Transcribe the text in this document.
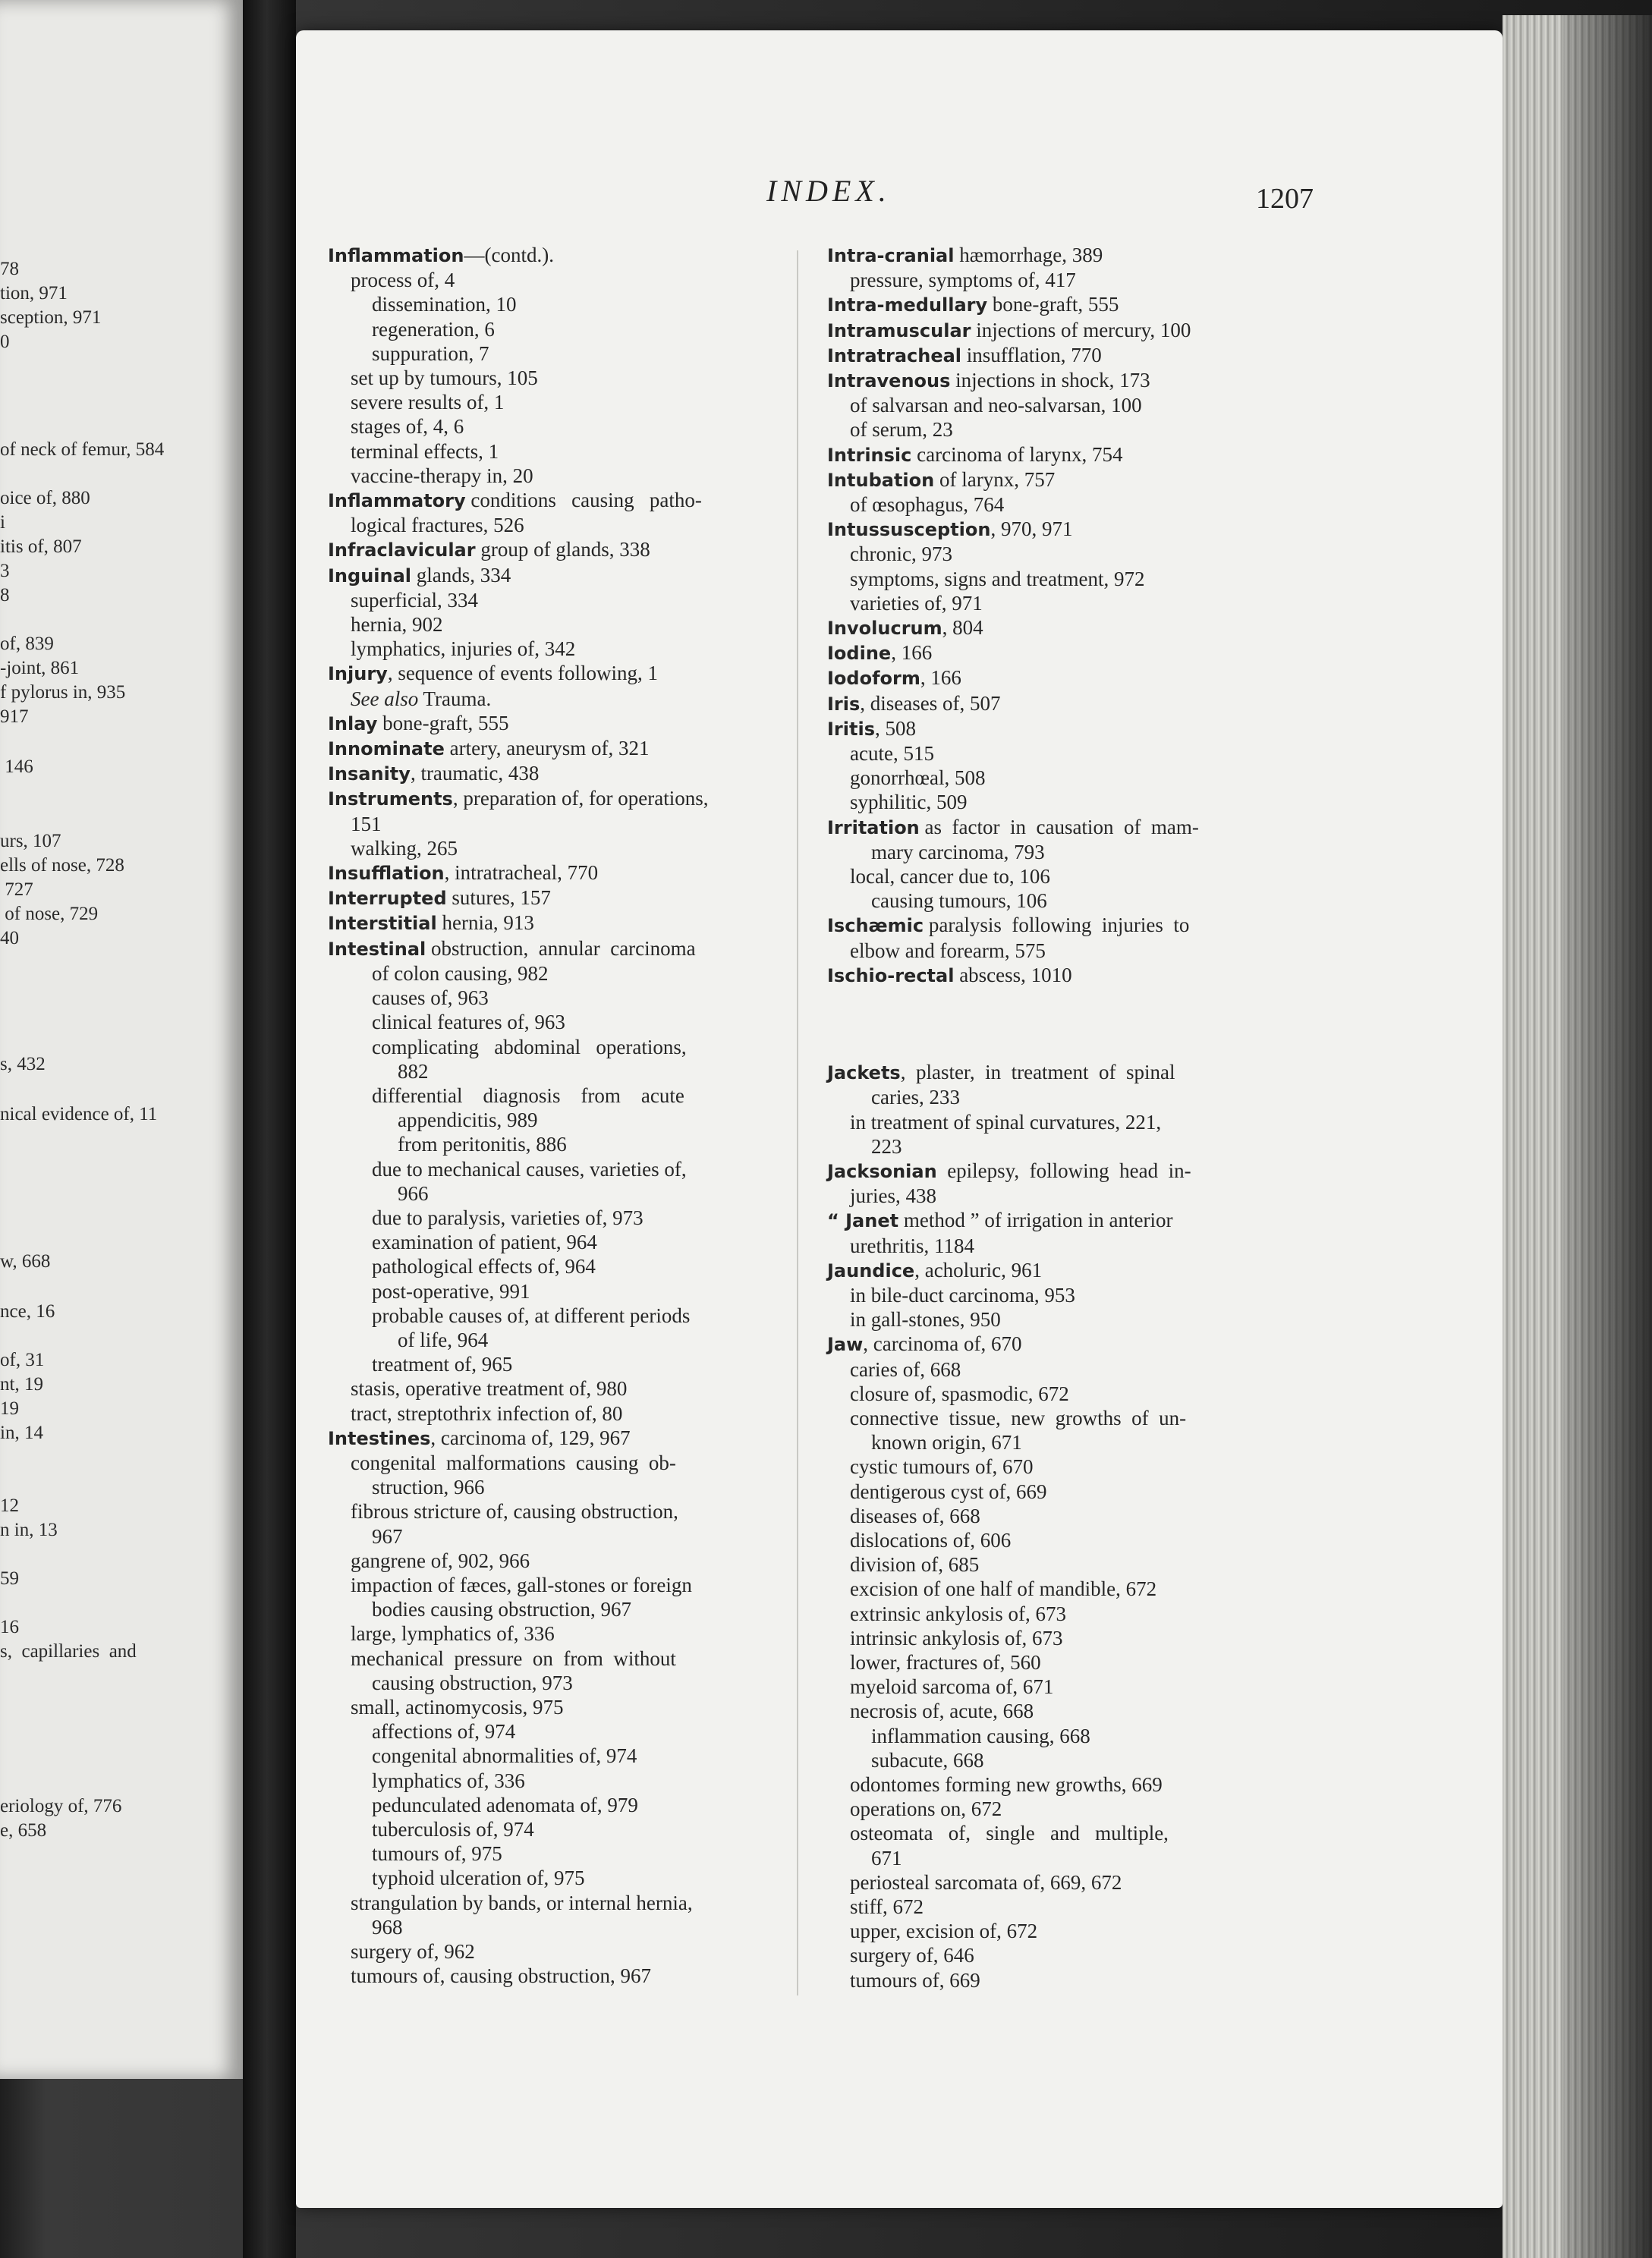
78
tion, 971
sception, 971
0
of neck of femur, 584
oice of, 880
i
itis of, 807
3
8
of, 839
-joint, 861
f pylorus in, 935
917
146
urs, 107
ells of nose, 728
727
of nose, 729
40
s, 432
nical evidence of, 11
w, 668
nce, 16
of, 31
nt, 19
19
in, 14
12
n in, 13
59
16
s,  capillaries  and
eriology of, 776
e, 658
INDEX.	1207
Inflammation—(contd.).
process of, 4
dissemination, 10
regeneration, 6
suppuration, 7
set up by tumours, 105
severe results of, 1
stages of, 4, 6
terminal effects, 1
vaccine-therapy in, 20
Inflammatory conditions   causing   patho-
logical fractures, 526
Infraclavicular group of glands, 338
Inguinal glands, 334
superficial, 334
hernia, 902
lymphatics, injuries of, 342
Injury, sequence of events following, 1
See also Trauma.
Inlay bone-graft, 555
Innominate artery, aneurysm of, 321
Insanity, traumatic, 438
Instruments, preparation of, for operations,
151
walking, 265
Insufflation, intratracheal, 770
Interrupted sutures, 157
Interstitial hernia, 913
Intestinal obstruction,  annular  carcinoma
of colon causing, 982
causes of, 963
clinical features of, 963
complicating   abdominal   operations,
882
differential    diagnosis    from    acute
appendicitis, 989
from peritonitis, 886
due to mechanical causes, varieties of,
966
due to paralysis, varieties of, 973
examination of patient, 964
pathological effects of, 964
post-operative, 991
probable causes of, at different periods
of life, 964
treatment of, 965
stasis, operative treatment of, 980
tract, streptothrix infection of, 80
Intestines, carcinoma of, 129, 967
congenital  malformations  causing  ob-
struction, 966
fibrous stricture of, causing obstruction,
967
gangrene of, 902, 966
impaction of fæces, gall-stones or foreign
bodies causing obstruction, 967
large, lymphatics of, 336
mechanical  pressure  on  from  without
causing obstruction, 973
small, actinomycosis, 975
affections of, 974
congenital abnormalities of, 974
lymphatics of, 336
pedunculated adenomata of, 979
tuberculosis of, 974
tumours of, 975
typhoid ulceration of, 975
strangulation by bands, or internal hernia,
968
surgery of, 962
tumours of, causing obstruction, 967
Intra-cranial hæmorrhage, 389
pressure, symptoms of, 417
Intra-medullary bone-graft, 555
Intramuscular injections of mercury, 100
Intratracheal insufflation, 770
Intravenous injections in shock, 173
of salvarsan and neo-salvarsan, 100
of serum, 23
Intrinsic carcinoma of larynx, 754
Intubation of larynx, 757
of œsophagus, 764
Intussusception, 970, 971
chronic, 973
symptoms, signs and treatment, 972
varieties of, 971
Involucrum, 804
Iodine, 166
Iodoform, 166
Iris, diseases of, 507
Iritis, 508
acute, 515
gonorrhœal, 508
syphilitic, 509
Irritation as  factor  in  causation  of  mam-
mary carcinoma, 793
local, cancer due to, 106
causing tumours, 106
Ischæmic paralysis  following  injuries  to
elbow and forearm, 575
Ischio-rectal abscess, 1010
Jackets,  plaster,  in  treatment  of  spinal
caries, 233
in treatment of spinal curvatures, 221,
223
Jacksonian  epilepsy,  following  head  in-
juries, 438
“ Janet method ” of irrigation in anterior
urethritis, 1184
Jaundice, acholuric, 961
in bile-duct carcinoma, 953
in gall-stones, 950
Jaw, carcinoma of, 670
caries of, 668
closure of, spasmodic, 672
connective  tissue,  new  growths  of  un-
known origin, 671
cystic tumours of, 670
dentigerous cyst of, 669
diseases of, 668
dislocations of, 606
division of, 685
excision of one half of mandible, 672
extrinsic ankylosis of, 673
intrinsic ankylosis of, 673
lower, fractures of, 560
myeloid sarcoma of, 671
necrosis of, acute, 668
inflammation causing, 668
subacute, 668
odontomes forming new growths, 669
operations on, 672
osteomata   of,   single   and   multiple,
671
periosteal sarcomata of, 669, 672
stiff, 672
upper, excision of, 672
surgery of, 646
tumours of, 669
